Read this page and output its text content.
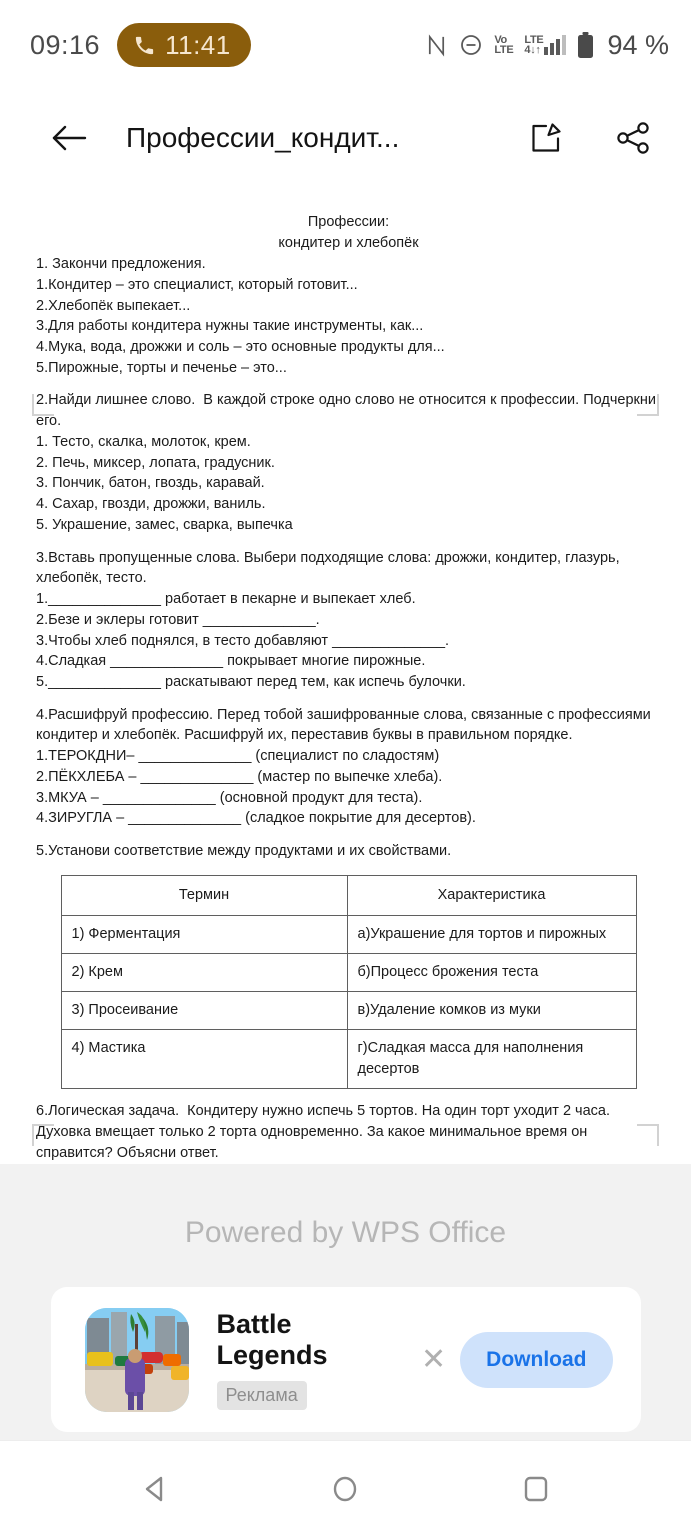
09:16	11:41	Vo
LTE
LTE
4↓↑ 94 %
Профессии_кондит...
Профессии:
кондитер и хлебопёк
1. Закончи предложения.
1.Кондитер – это специалист, который готовит...
2.Хлебопёк выпекает...
3.Для работы кондитера нужны такие инструменты, как...
4.Мука, вода, дрожжи и соль – это основные продукты для...
5.Пирожные, торты и печенье – это...
2.Найди лишнее слово.  В каждой строке одно слово не относится к профессии. Подчеркни его.
1. Тесто, скалка, молоток, крем.
2. Печь, миксер, лопата, градусник.
3. Пончик, батон, гвоздь, каравай.
4. Сахар, гвозди, дрожжи, ваниль.
5. Украшение, замес, сварка, выпечка
3.Вставь пропущенные слова. Выбери подходящие слова: дрожжи, кондитер, глазурь, хлебопёк, тесто.
1.______________ работает в пекарне и выпекает хлеб.
2.Безе и эклеры готовит ______________.
3.Чтобы хлеб поднялся, в тесто добавляют ______________.
4.Сладкая ______________ покрывает многие пирожные.
5.______________ раскатывают перед тем, как испечь булочки.
4.Расшифруй профессию. Перед тобой зашифрованные слова, связанные с профессиями кондитер и хлебопёк. Расшифруй их, переставив буквы в правильном порядке.
1.ТЕРОКДНИ– ______________ (специалист по сладостям)
2.ПЁКХЛЕБА – ______________ (мастер по выпечке хлеба).
3.МКУА – ______________ (основной продукт для теста).
4.ЗИРУГЛА – ______________ (сладкое покрытие для десертов).
5.Установи соответствие между продуктами и их свойствами.
Термин	Характеристика
1) Ферментация	а)Украшение для тортов и пирожных
2) Крем	б)Процесс брожения теста
3) Просеивание	в)Удаление комков из муки
4) Мастика	г)Сладкая масса для наполнения десертов
6.Логическая задача.  Кондитеру нужно испечь 5 тортов. На один торт уходит 2 часа. Духовка вмещает только 2 торта одновременно. За какое минимальное время он справится? Объясни ответ.
Powered by WPS Office
Battle Legends
Реклама
✕	Download
